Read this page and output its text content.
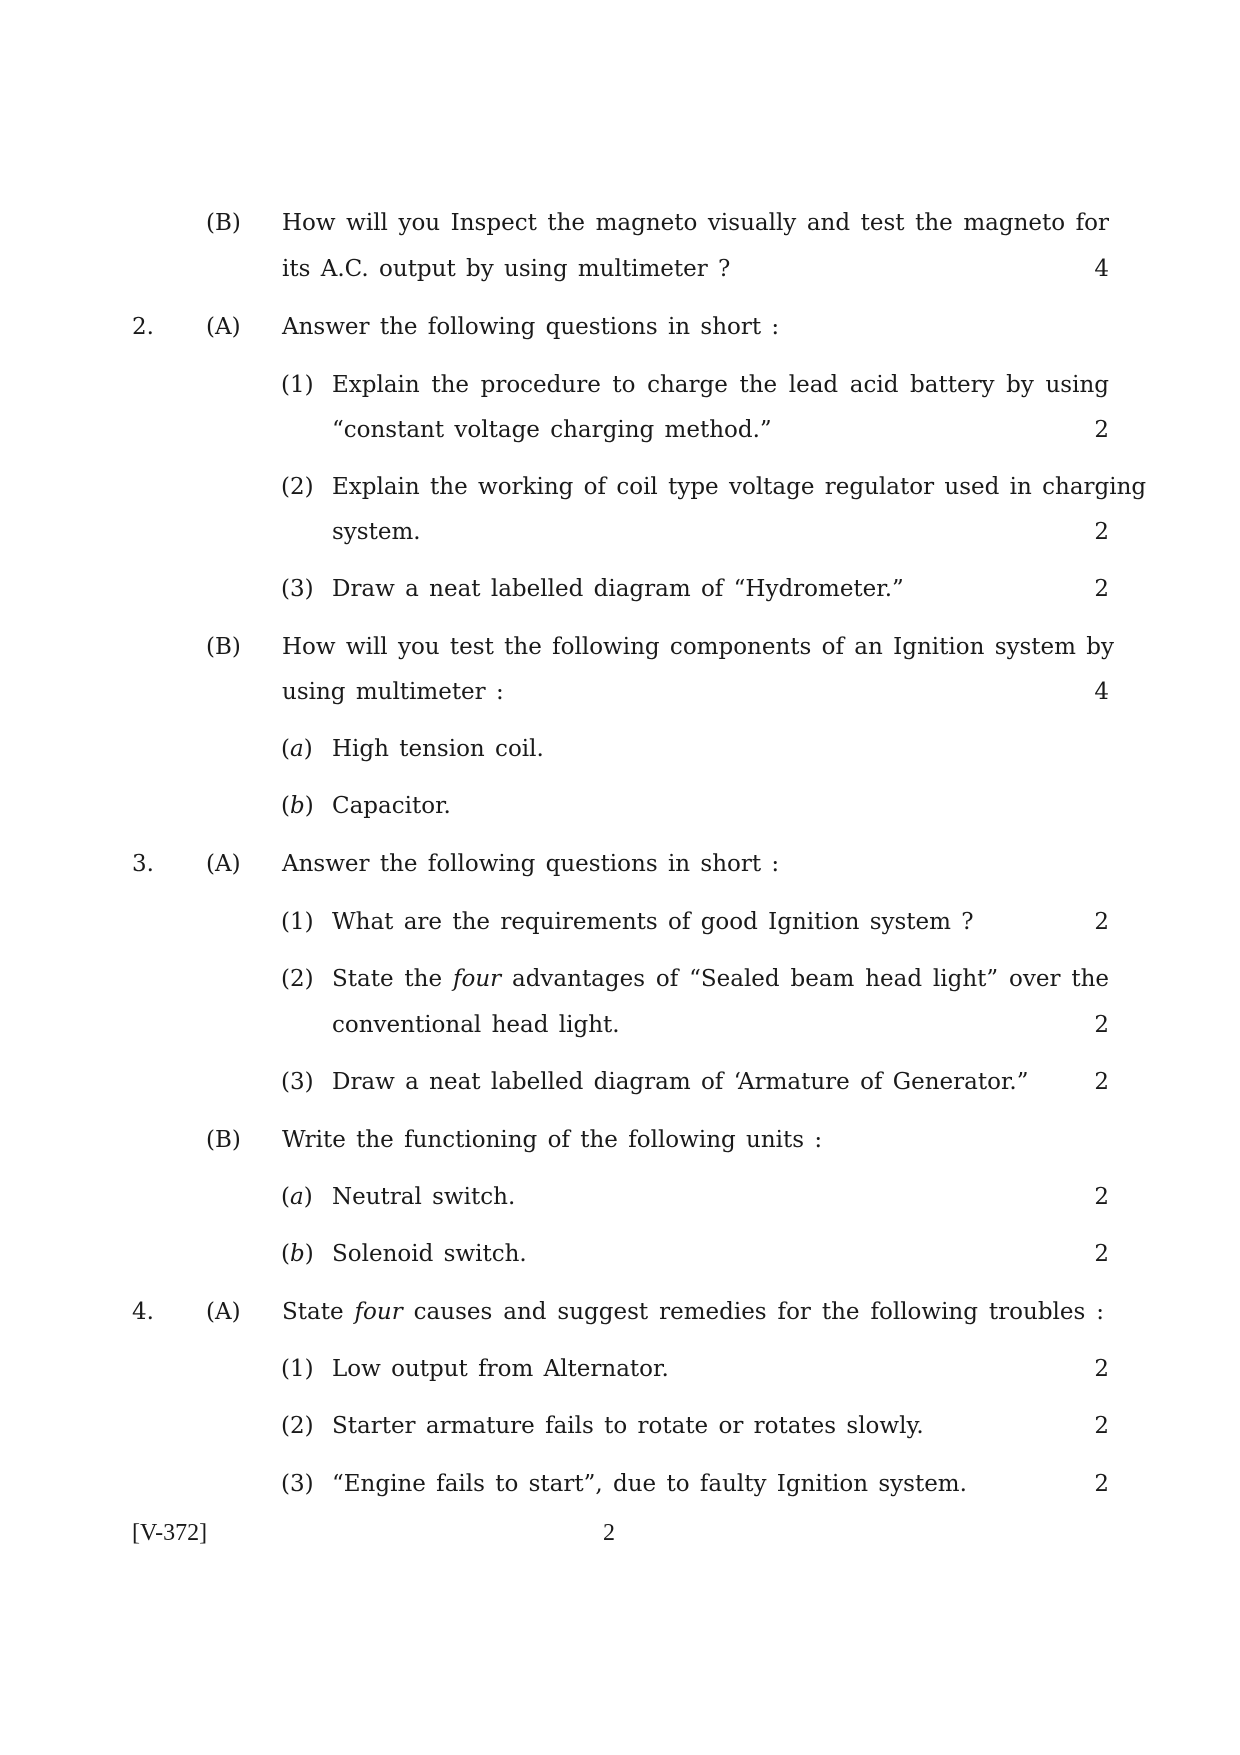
(B) How will you Inspect the magneto visually and test the magneto for
its A.C. output by using multimeter ?	4
2. (A) Answer the following questions in short :
(1) Explain the procedure to charge the lead acid battery by using
“constant voltage charging method.”	2
(2) Explain the working of coil type voltage regulator used in charging
system.	2
(3) Draw a neat labelled diagram of “Hydrometer.”	2
(B) How will you test the following components of an Ignition system by
using multimeter :	4
(a) High tension coil.
(b) Capacitor.
3. (A) Answer the following questions in short :
(1) What are the requirements of good Ignition system ?	2
(2) State the four advantages of “Sealed beam head light” over the
conventional head light.	2
(3) Draw a neat labelled diagram of ‘Armature of Generator.”	2
(B) Write the functioning of the following units :
(a) Neutral switch.	2
(b) Solenoid switch.	2
4. (A) State four causes and suggest remedies for the following troubles :
(1) Low output from Alternator.	2
(2) Starter armature fails to rotate or rotates slowly.	2
(3) “Engine fails to start”, due to faulty Ignition system.	2
[V-372]	2
